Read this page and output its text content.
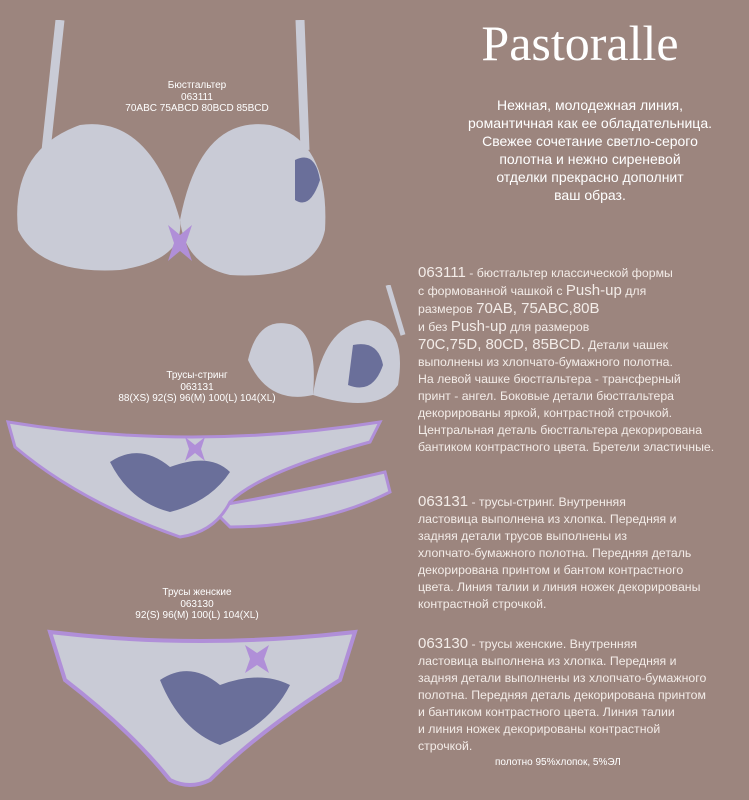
Pastoralle
Нежная, молодежная линия,
романтичная как ее обладательница.
Свежее сочетание светло-серого
полотна и нежно сиреневой
отделки прекрасно дополнит
ваш образ.
Бюстгальтер
063111
70ABC 75ABCD 80BCD 85BCD
Трусы-стринг
063131
88(XS) 92(S) 96(M) 100(L) 104(XL)
Трусы женские
063130
92(S) 96(M) 100(L) 104(XL)
063111 - бюстгальтер классической формы
с формованной чашкой с Push-up для
размеров 70AB, 75ABC,80B
и без Push-up для размеров
70C,75D, 80CD, 85BCD. Детали чашек
выполнены из хлопчато-бумажного полотна.
На левой чашке бюстгальтера - трансферный
принт - ангел. Боковые детали бюстгальтера
декорированы яркой, контрастной строчкой.
Центральная деталь бюстгальтера декорирована
бантиком контрастного цвета. Бретели эластичные.
063131 - трусы-стринг. Внутренняя
ластовица выполнена из хлопка. Передняя и
задняя детали трусов выполнены из
хлопчато-бумажного полотна. Передняя деталь
декорирована принтом и бантом контрастного
цвета. Линия талии и линия ножек декорированы
контрастной строчкой.
063130 - трусы женские. Внутренняя
ластовица выполнена из хлопка. Передняя и
задняя детали выполнены из хлопчато-бумажного
полотна. Передняя деталь декорирована принтом
и бантиком контрастного цвета. Линия талии
и линия ножек декорированы контрастной
строчкой.
полотно 95%хлопок, 5%ЭЛ
